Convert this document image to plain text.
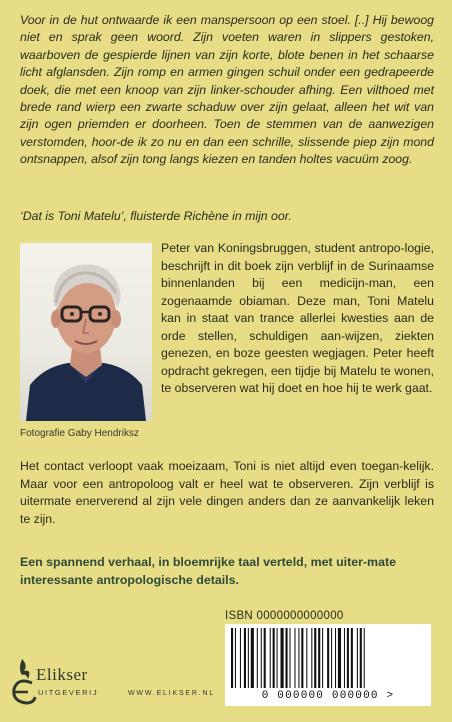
Voor in de hut ontwaarde ik een manspersoon op een stoel. [..] Hij bewoog niet en sprak geen woord. Zijn voeten waren in slippers gestoken, waarboven de gespierde lijnen van zijn korte, blote benen in het schaarse licht afglansden. Zijn romp en armen gingen schuil onder een gedrapeerde doek, die met een knoop van zijn linker-schouder afhing. Een vilthoed met brede rand wierp een zwarte schaduw over zijn gelaat, alleen het wit van zijn ogen priemden er doorheen. Toen de stemmen van de aanwezigen verstomden, hoor-de ik zo nu en dan een schrille, slissende piep zijn mond ontsnappen, alsof zijn tong langs kiezen en tanden holtes vacuüm zoog.

‘Dat is Toni Matelu’, fluisterde Richène in mijn oor.

Fotografie Gaby Hendriksz

Peter van Koningsbruggen, student antropo-logie, beschrijft in dit boek zijn verblijf in de Surinaamse binnenlanden bij een medicijn-man, een zogenaamde obiaman. Deze man, Toni Matelu kan in staat van trance allerlei kwesties aan de orde stellen, schuldigen aan-wijzen, ziekten genezen, en boze geesten wegjagen. Peter heeft opdracht gekregen, een tijdje bij Matelu te wonen, te observeren wat hij doet en hoe hij te werk gaat.

Het contact verloopt vaak moeizaam, Toni is niet altijd even toegan-kelijk. Maar voor een antropoloog valt er heel wat te observeren. Zijn verblijf is uitermate enerverend al zijn vele dingen anders dan ze aanvankelijk leken te zijn.

Een spannend verhaal, in bloemrijke taal verteld, met uiter-mate interessante antropologische details.

ISBN 0000000000000
0 000000 000000 >
Elikser
UITGEVERIJ	WWW.ELIKSER.NL
